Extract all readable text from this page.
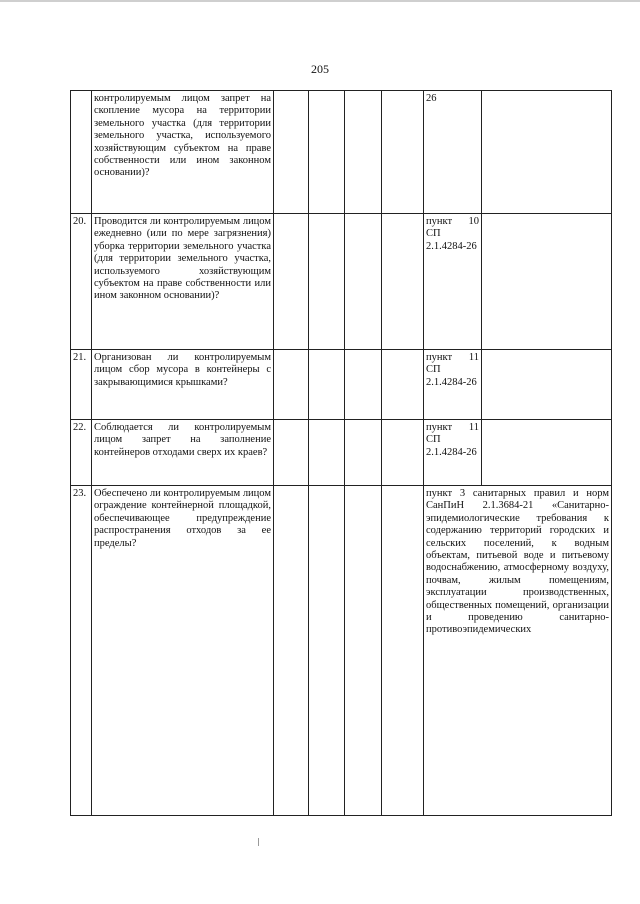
205
	контролируемым лицом запрет на скопление мусора на территории земельного участка (для территории земельного участка, используемого хозяйствующим субъектом на праве собственности или ином законном основании)?					26	
20.	Проводится ли контролируемым лицом ежедневно (или по мере загрязнения) уборка территории земельного участка (для территории земельного участка, используемого хозяйствующим субъектом на праве собственности или ином законном основании)?					пункт 10 СП 2.1.4284-26	
21.	Организован ли контролируемым лицом сбор мусора в контейнеры с закрывающимися крышками?					пункт 11 СП 2.1.4284-26	
22.	Соблюдается ли контролируемым лицом запрет на заполнение контейнеров отходами сверх их краев?					пункт 11 СП 2.1.4284-26	
23.	Обеспечено ли контролируемым лицом ограждение контейнерной площадкой, обеспечивающее предупреждение распространения отходов за ее пределы?					пункт 3 санитарных правил и норм СанПиН 2.1.3684-21 «Санитарно-эпидемиологические требования к содержанию территорий городских и сельских поселений, к водным объектам, питьевой воде и питьевому водоснабжению, атмосферному воздуху, почвам, жилым помещениям, эксплуатации производственных, общественных помещений, организации и проведению санитарно-противоэпидемических	
